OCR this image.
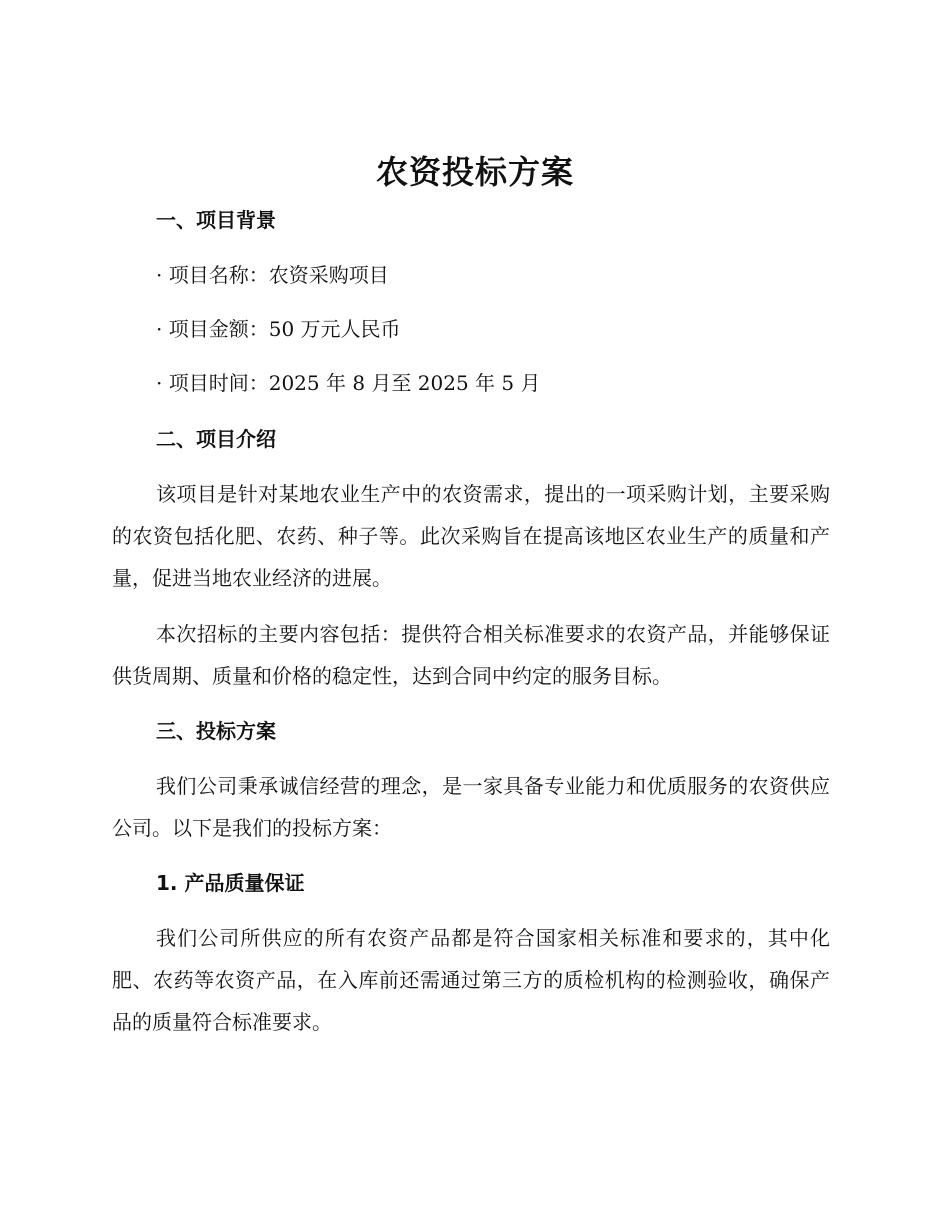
农资投标方案
一、项目背景
· 项目名称：农资采购项目
· 项目金额：50 万元人民币
· 项目时间：2025 年 8 月至 2025 年 5 月
二、项目介绍

该项目是针对某地农业生产中的农资需求，提出的一项采购计划，主要采购的农资包括化肥、农药、种子等。此次采购旨在提高该地区农业生产的质量和产量，促进当地农业经济的进展。

本次招标的主要内容包括：提供符合相关标准要求的农资产品，并能够保证供货周期、质量和价格的稳定性，达到合同中约定的服务目标。

三、投标方案

我们公司秉承诚信经营的理念，是一家具备专业能力和优质服务的农资供应公司。以下是我们的投标方案：

1. 产品质量保证

我们公司所供应的所有农资产品都是符合国家相关标准和要求的，其中化肥、农药等农资产品，在入库前还需通过第三方的质检机构的检测验收，确保产品的质量符合标准要求。
